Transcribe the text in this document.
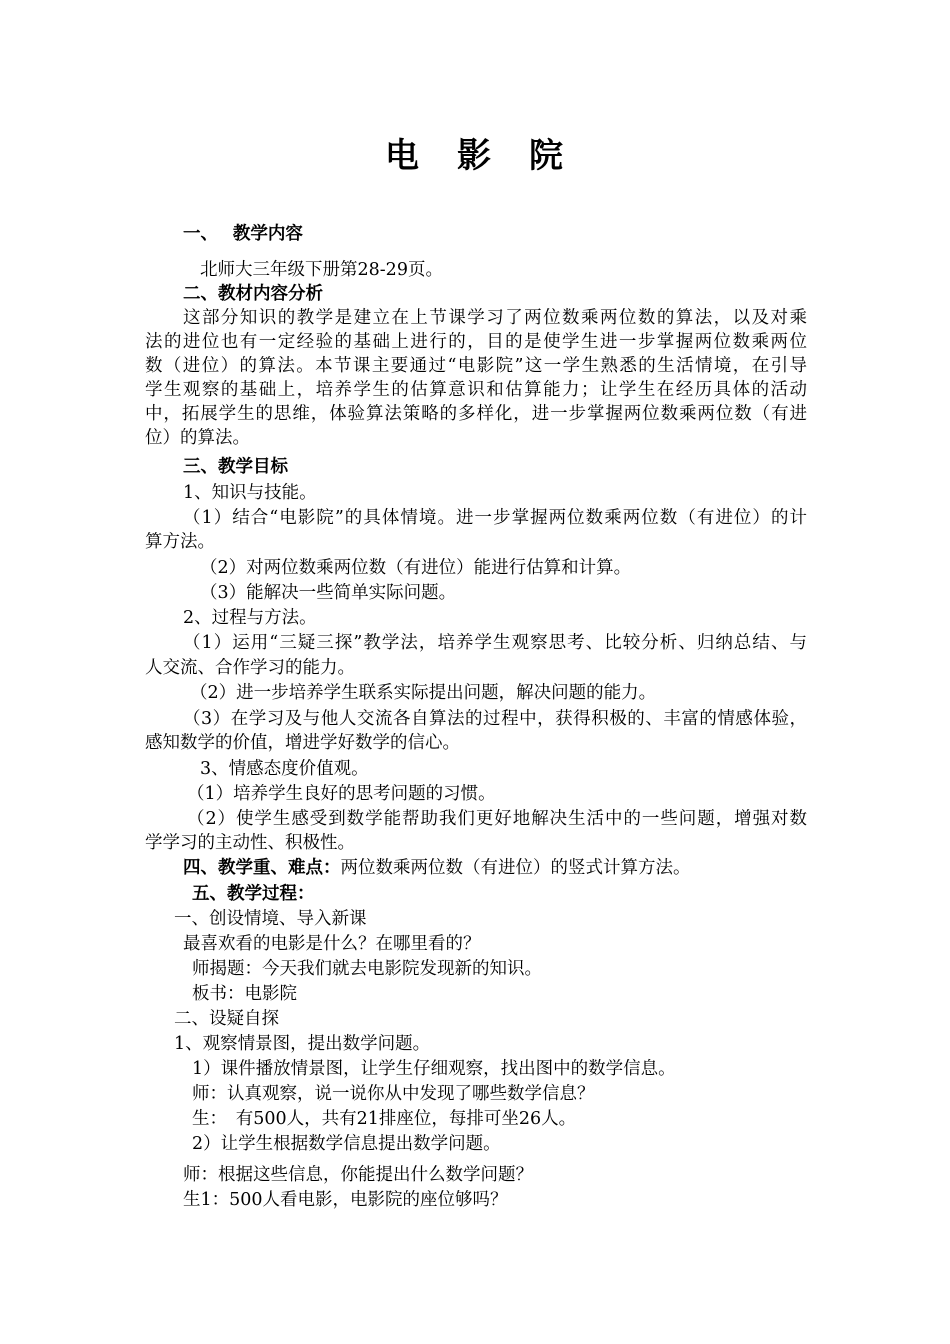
电　影　院
一、　 教学内容
北师大三年级下册第28-29页。
二、教材内容分析
这部分知识的教学是建立在上节课学习了两位数乘两位数的算法，以及对乘
法的进位也有一定经验的基础上进行的，目的是使学生进一步掌握两位数乘两位
数（进位）的算法。本节课主要通过“电影院”这一学生熟悉的生活情境，在引导
学生观察的基础上，培养学生的估算意识和估算能力；让学生在经历具体的活动
中，拓展学生的思维，体验算法策略的多样化，进一步掌握两位数乘两位数（有进
位）的算法。
三、教学目标
1、知识与技能。
（1）结合“电影院”的具体情境。进一步掌握两位数乘两位数（有进位）的计
算方法。
（2）对两位数乘两位数（有进位）能进行估算和计算。
（3）能解决一些简单实际问题。
2、过程与方法。
（1）运用“三疑三探”教学法，培养学生观察思考、比较分析、归纳总结、与
人交流、合作学习的能力。
（2）进一步培养学生联系实际提出问题，解决问题的能力。
（3）在学习及与他人交流各自算法的过程中，获得积极的、丰富的情感体验，
感知数学的价值，增进学好数学的信心。
3、情感态度价值观。
（1）培养学生良好的思考问题的习惯。
（2）使学生感受到数学能帮助我们更好地解决生活中的一些问题，增强对数
学学习的主动性、积极性。
四、教学重、难点：两位数乘两位数（有进位）的竖式计算方法。
五、教学过程：
一、创设情境、导入新课
最喜欢看的电影是什么？在哪里看的？
师揭题：今天我们就去电影院发现新的知识。
板书：电影院
二、设疑自探
1、观察情景图，提出数学问题。
1）课件播放情景图，让学生仔细观察，找出图中的数学信息。
师：认真观察，说一说你从中发现了哪些数学信息？
生：　有500人，共有21排座位，每排可坐26人。
2）让学生根据数学信息提出数学问题。
师：根据这些信息，你能提出什么数学问题？
生1：500人看电影，电影院的座位够吗？
